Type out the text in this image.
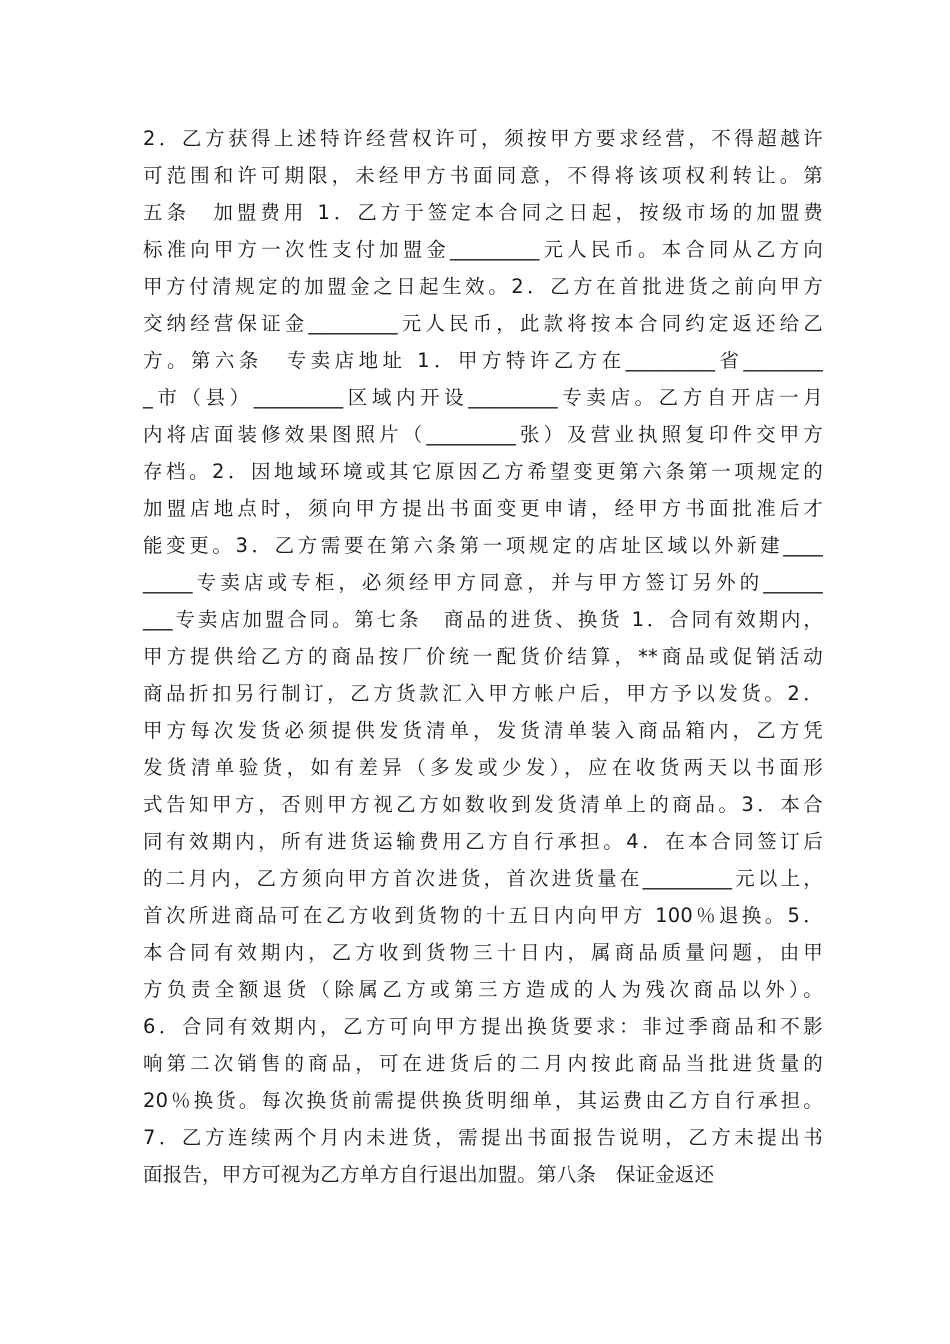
2．乙方获得上述特许经营权许可，须按甲方要求经营，不得超越许
可范围和许可期限，未经甲方书面同意，不得将该项权利转让。第
五条　加盟费用 1．乙方于签定本合同之日起，按级市场的加盟费
标准向甲方一次性支付加盟金_________元人民币。本合同从乙方向
甲方付清规定的加盟金之日起生效。2．乙方在首批进货之前向甲方
交纳经营保证金_________元人民币，此款将按本合同约定返还给乙
方。第六条　专卖店地址 1．甲方特许乙方在_________省________
_市（县）_________区域内开设_________专卖店。乙方自开店一月
内将店面装修效果图照片（_________张）及营业执照复印件交甲方
存档。2．因地域环境或其它原因乙方希望变更第六条第一项规定的
加盟店地点时，须向甲方提出书面变更申请，经甲方书面批准后才
能变更。3．乙方需要在第六条第一项规定的店址区域以外新建____
_____专卖店或专柜，必须经甲方同意，并与甲方签订另外的______
___专卖店加盟合同。第七条　商品的进货、换货 1．合同有效期内，
甲方提供给乙方的商品按厂价统一配货价结算，**商品或促销活动
商品折扣另行制订，乙方货款汇入甲方帐户后，甲方予以发货。2．
甲方每次发货必须提供发货清单，发货清单装入商品箱内，乙方凭
发货清单验货，如有差异（多发或少发），应在收货两天以书面形
式告知甲方，否则甲方视乙方如数收到发货清单上的商品。3．本合
同有效期内，所有进货运输费用乙方自行承担。4．在本合同签订后
的二月内，乙方须向甲方首次进货，首次进货量在_________元以上，
首次所进商品可在乙方收到货物的十五日内向甲方 100％退换。5．
本合同有效期内，乙方收到货物三十日内，属商品质量问题，由甲
方负责全额退货（除属乙方或第三方造成的人为残次商品以外）。
6．合同有效期内，乙方可向甲方提出换货要求：非过季商品和不影
响第二次销售的商品，可在进货后的二月内按此商品当批进货量的
20％换货。每次换货前需提供换货明细单，其运费由乙方自行承担。
7．乙方连续两个月内未进货，需提出书面报告说明，乙方未提出书
面报告，甲方可视为乙方单方自行退出加盟。第八条　保证金返还
